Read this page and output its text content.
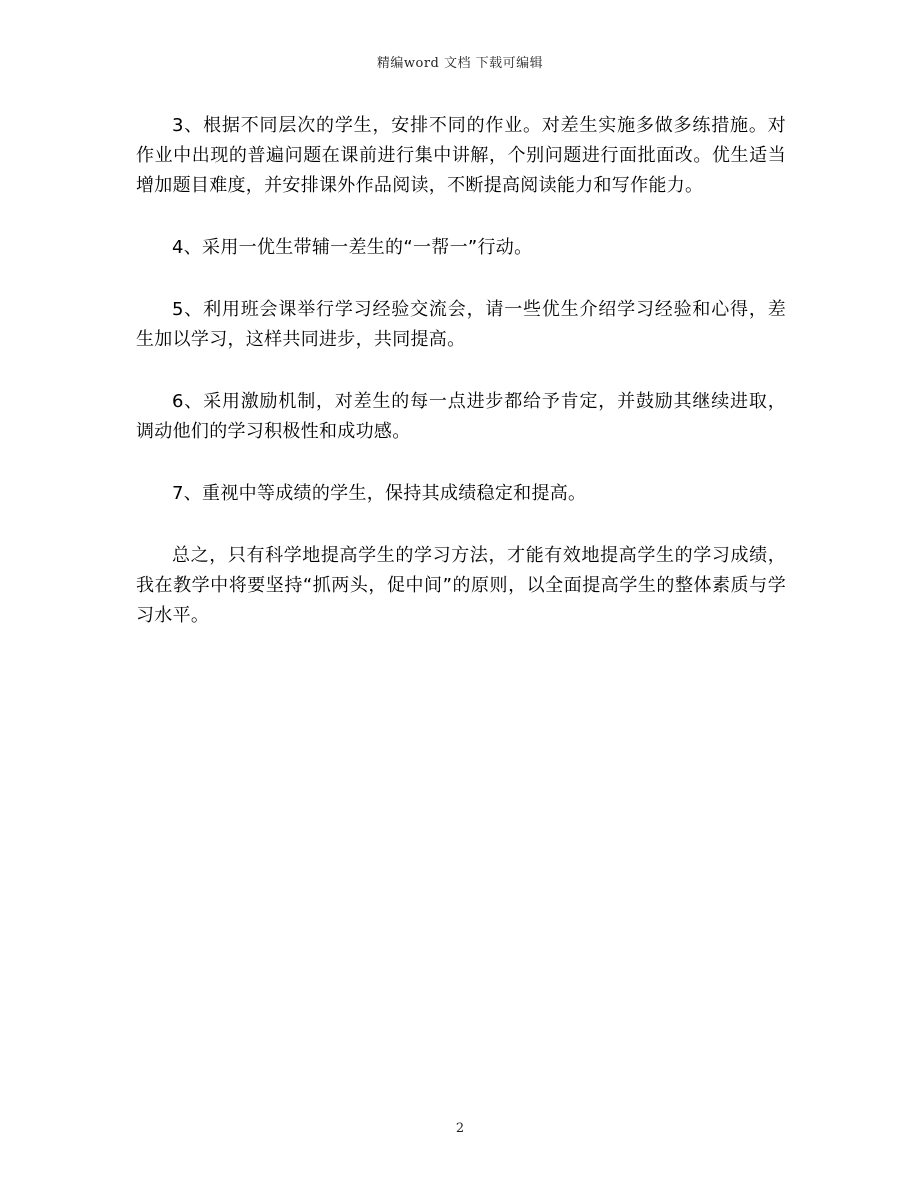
精编word 文档 下载可编辑

3、根据不同层次的学生，安排不同的作业。对差生实施多做多练措施。对作业中出现的普遍问题在课前进行集中讲解，个别问题进行面批面改。优生适当增加题目难度，并安排课外作品阅读，不断提高阅读能力和写作能力。

4、采用一优生带辅一差生的“一帮一”行动。

5、利用班会课举行学习经验交流会，请一些优生介绍学习经验和心得，差生加以学习，这样共同进步，共同提高。

6、采用激励机制，对差生的每一点进步都给予肯定，并鼓励其继续进取，调动他们的学习积极性和成功感。

7、重视中等成绩的学生，保持其成绩稳定和提高。

总之，只有科学地提高学生的学习方法，才能有效地提高学生的学习成绩，我在教学中将要坚持“抓两头，促中间”的原则，以全面提高学生的整体素质与学习水平。

2
